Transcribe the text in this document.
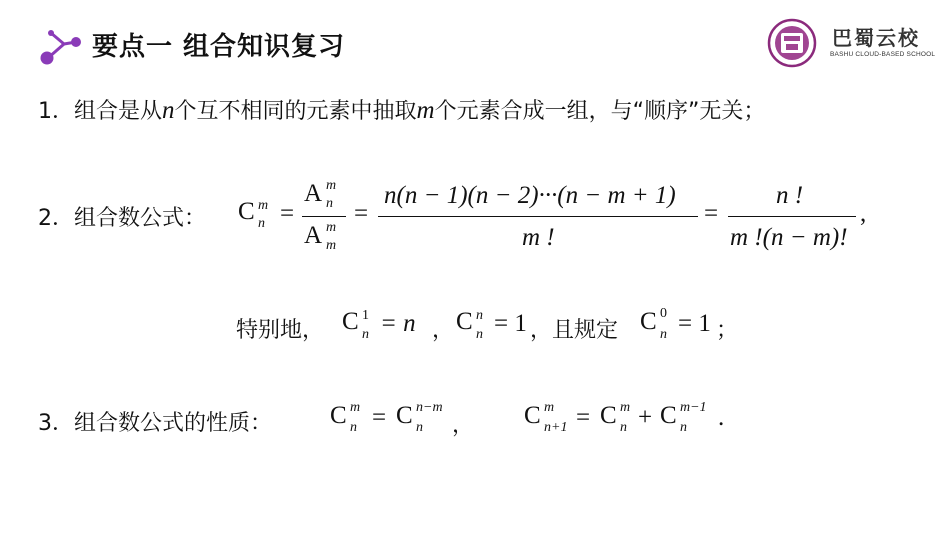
要点一 组合知识复习	巴蜀云校
BASHU CLOUD-BASED SCHOOL
1．组合是从n个互不相同的元素中抽取m个元素合成一组，与“顺序”无关；
2．组合数公式： C m
n =
A m
n
A m
m
=
n(n − 1)(n − 2)···(n − m + 1)
m !
=
n !
m !(n − m)!
,
特别地， C 1
n = n ， C n
n = 1 ，且规定 C 0
n = 1 ；
3．组合数公式的性质： C m
n = C n−m
n ， C m
n+1 = C m
n + C m−1
n .
